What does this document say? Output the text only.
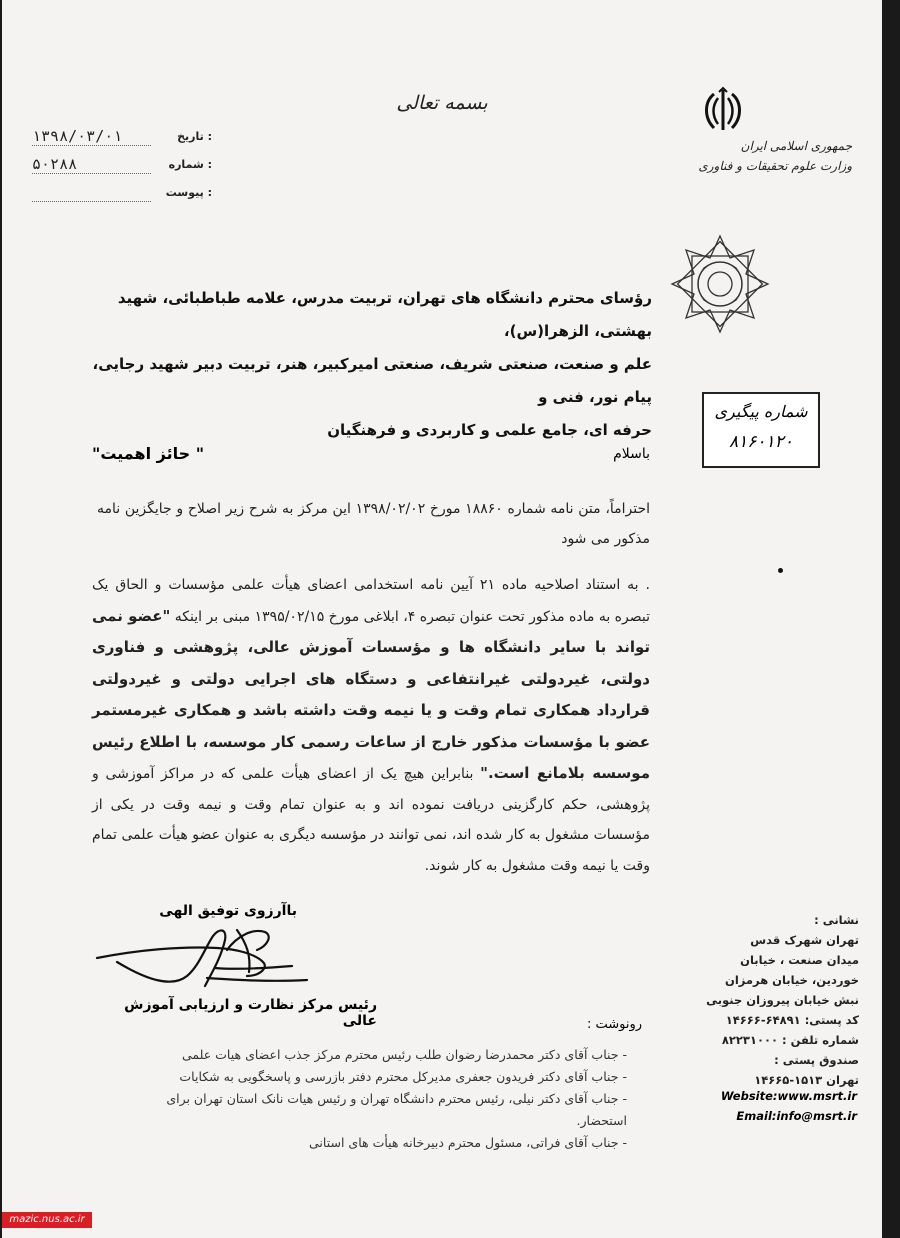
بسمه تعالی
تاریخ :
۱۳۹۸/۰۳/۰۱
شماره :
۵۰۲۸۸
پیوست :
جمهوری اسلامی ایران
وزارت علوم تحقیقات و فناوری
رؤسای محترم دانشگاه های تهران، تربیت مدرس، علامه طباطبائی، شهید بهشتی، الزهرا(س)،
علم و صنعت، صنعتی شریف، صنعتی امیرکبیر، هنر، تربیت دبیر شهید رجایی، پیام نور، فنی و
حرفه ای، جامع علمی و کاربردی و فرهنگیان
شماره پیگیری
۸۱۶۰۱۲۰
باسلام
" حائز اهمیت"
احتراماً، متن نامه شماره ۱۸۸۶۰ مورخ ۱۳۹۸/۰۲/۰۲ این مرکز به شرح زیر اصلاح و جایگزین نامه مذکور می شود
. به استناد اصلاحیه ماده ۲۱ آیین نامه استخدامی اعضای هیأت علمی مؤسسات و الحاق یک تبصره به ماده مذکور تحت عنوان تبصره ۴، ابلاغی مورخ ۱۳۹۵/۰۲/۱۵ مبنی بر اینکه "عضو نمی تواند با سایر دانشگاه ها و مؤسسات آموزش عالی، پژوهشی و فناوری دولتی، غیردولتی غیرانتفاعی و دستگاه های اجرایی دولتی و غیردولتی قرارداد همکاری تمام وقت و یا نیمه وقت داشته باشد و همکاری غیرمستمر عضو با مؤسسات مذکور خارج از ساعات رسمی کار موسسه، با اطلاع رئیس موسسه بلامانع است." بنابراین هیچ یک از اعضای هیأت علمی که در مراکز آموزشی و پژوهشی، حکم کارگزینی دریافت نموده اند و به عنوان تمام وقت و نیمه وقت در یکی از مؤسسات مشغول به کار شده اند، نمی توانند در مؤسسه دیگری به عنوان عضو هیأت علمی تمام وقت یا نیمه وقت مشغول به کار شوند.
باآرزوی توفیق الهی
رئیس مرکز نظارت و ارزیابی آموزش عالی	رونوشت :
- جناب آقای دکتر محمدرضا رضوان طلب رئیس محترم مرکز جذب اعضای هیات علمی
- جناب آقای دکتر فریدون جعفری مدیرکل محترم دفتر بازرسی و پاسخگویی به شکایات
- جناب آقای دکتر نیلی، رئیس محترم دانشگاه تهران و رئیس هیات نانک استان تهران برای استحضار.
- جناب آقای فراتی، مسئول محترم دبیرخانه هیأت های استانی
نشانی :
تهران شهرک قدس
میدان صنعت ، خیابان
خوردین، خیابان هرمزان
نبش خیابان پیروزان جنوبی
کد پستی: ۶۴۸۹۱-۱۴۶۶۶
شماره تلفن : ۸۲۲۳۱۰۰۰
صندوق پستی :
تهران ۱۵۱۳-۱۴۶۶۵
Website:www.msrt.ir
Email:info@msrt.ir
mazic.nus.ac.ir
